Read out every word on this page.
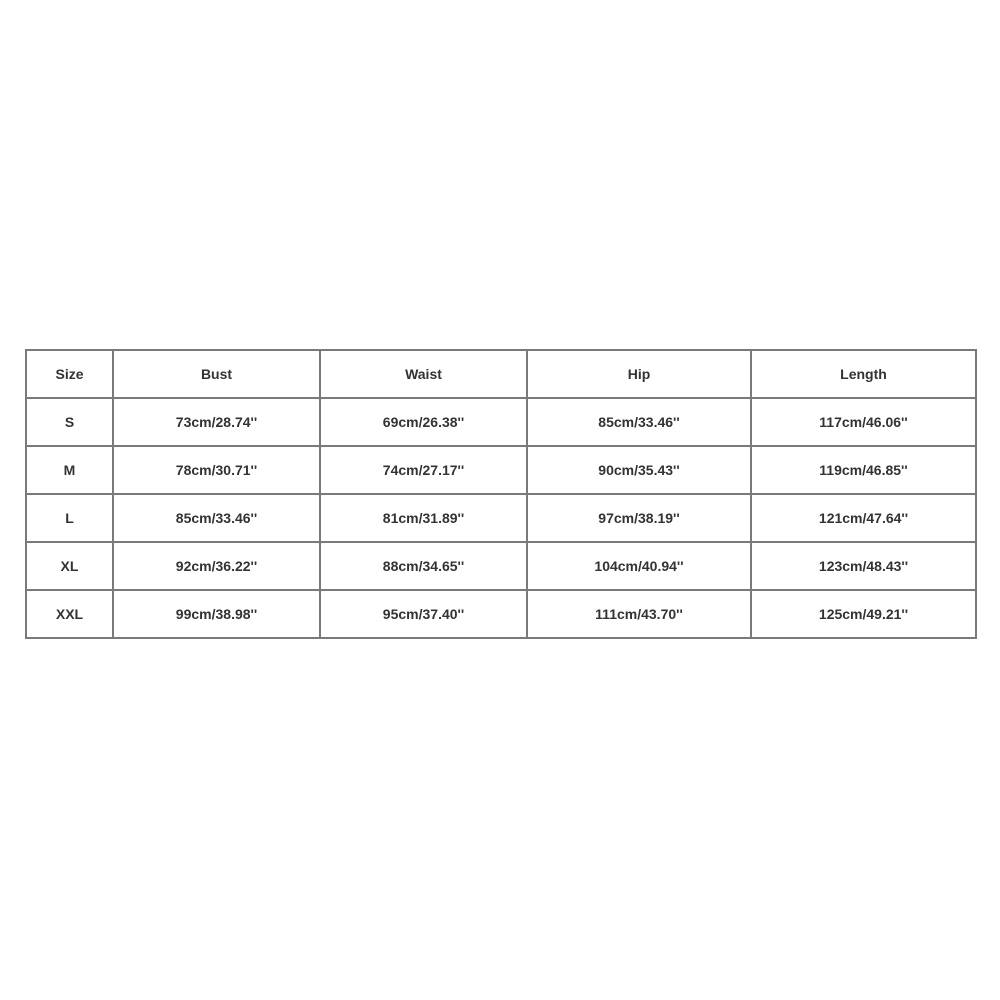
Size	Bust	Waist	Hip	Length
S	73cm/28.74''	69cm/26.38''	85cm/33.46''	117cm/46.06''
M	78cm/30.71''	74cm/27.17''	90cm/35.43''	119cm/46.85''
L	85cm/33.46''	81cm/31.89''	97cm/38.19''	121cm/47.64''
XL	92cm/36.22''	88cm/34.65''	104cm/40.94''	123cm/48.43''
XXL	99cm/38.98''	95cm/37.40''	111cm/43.70''	125cm/49.21''
